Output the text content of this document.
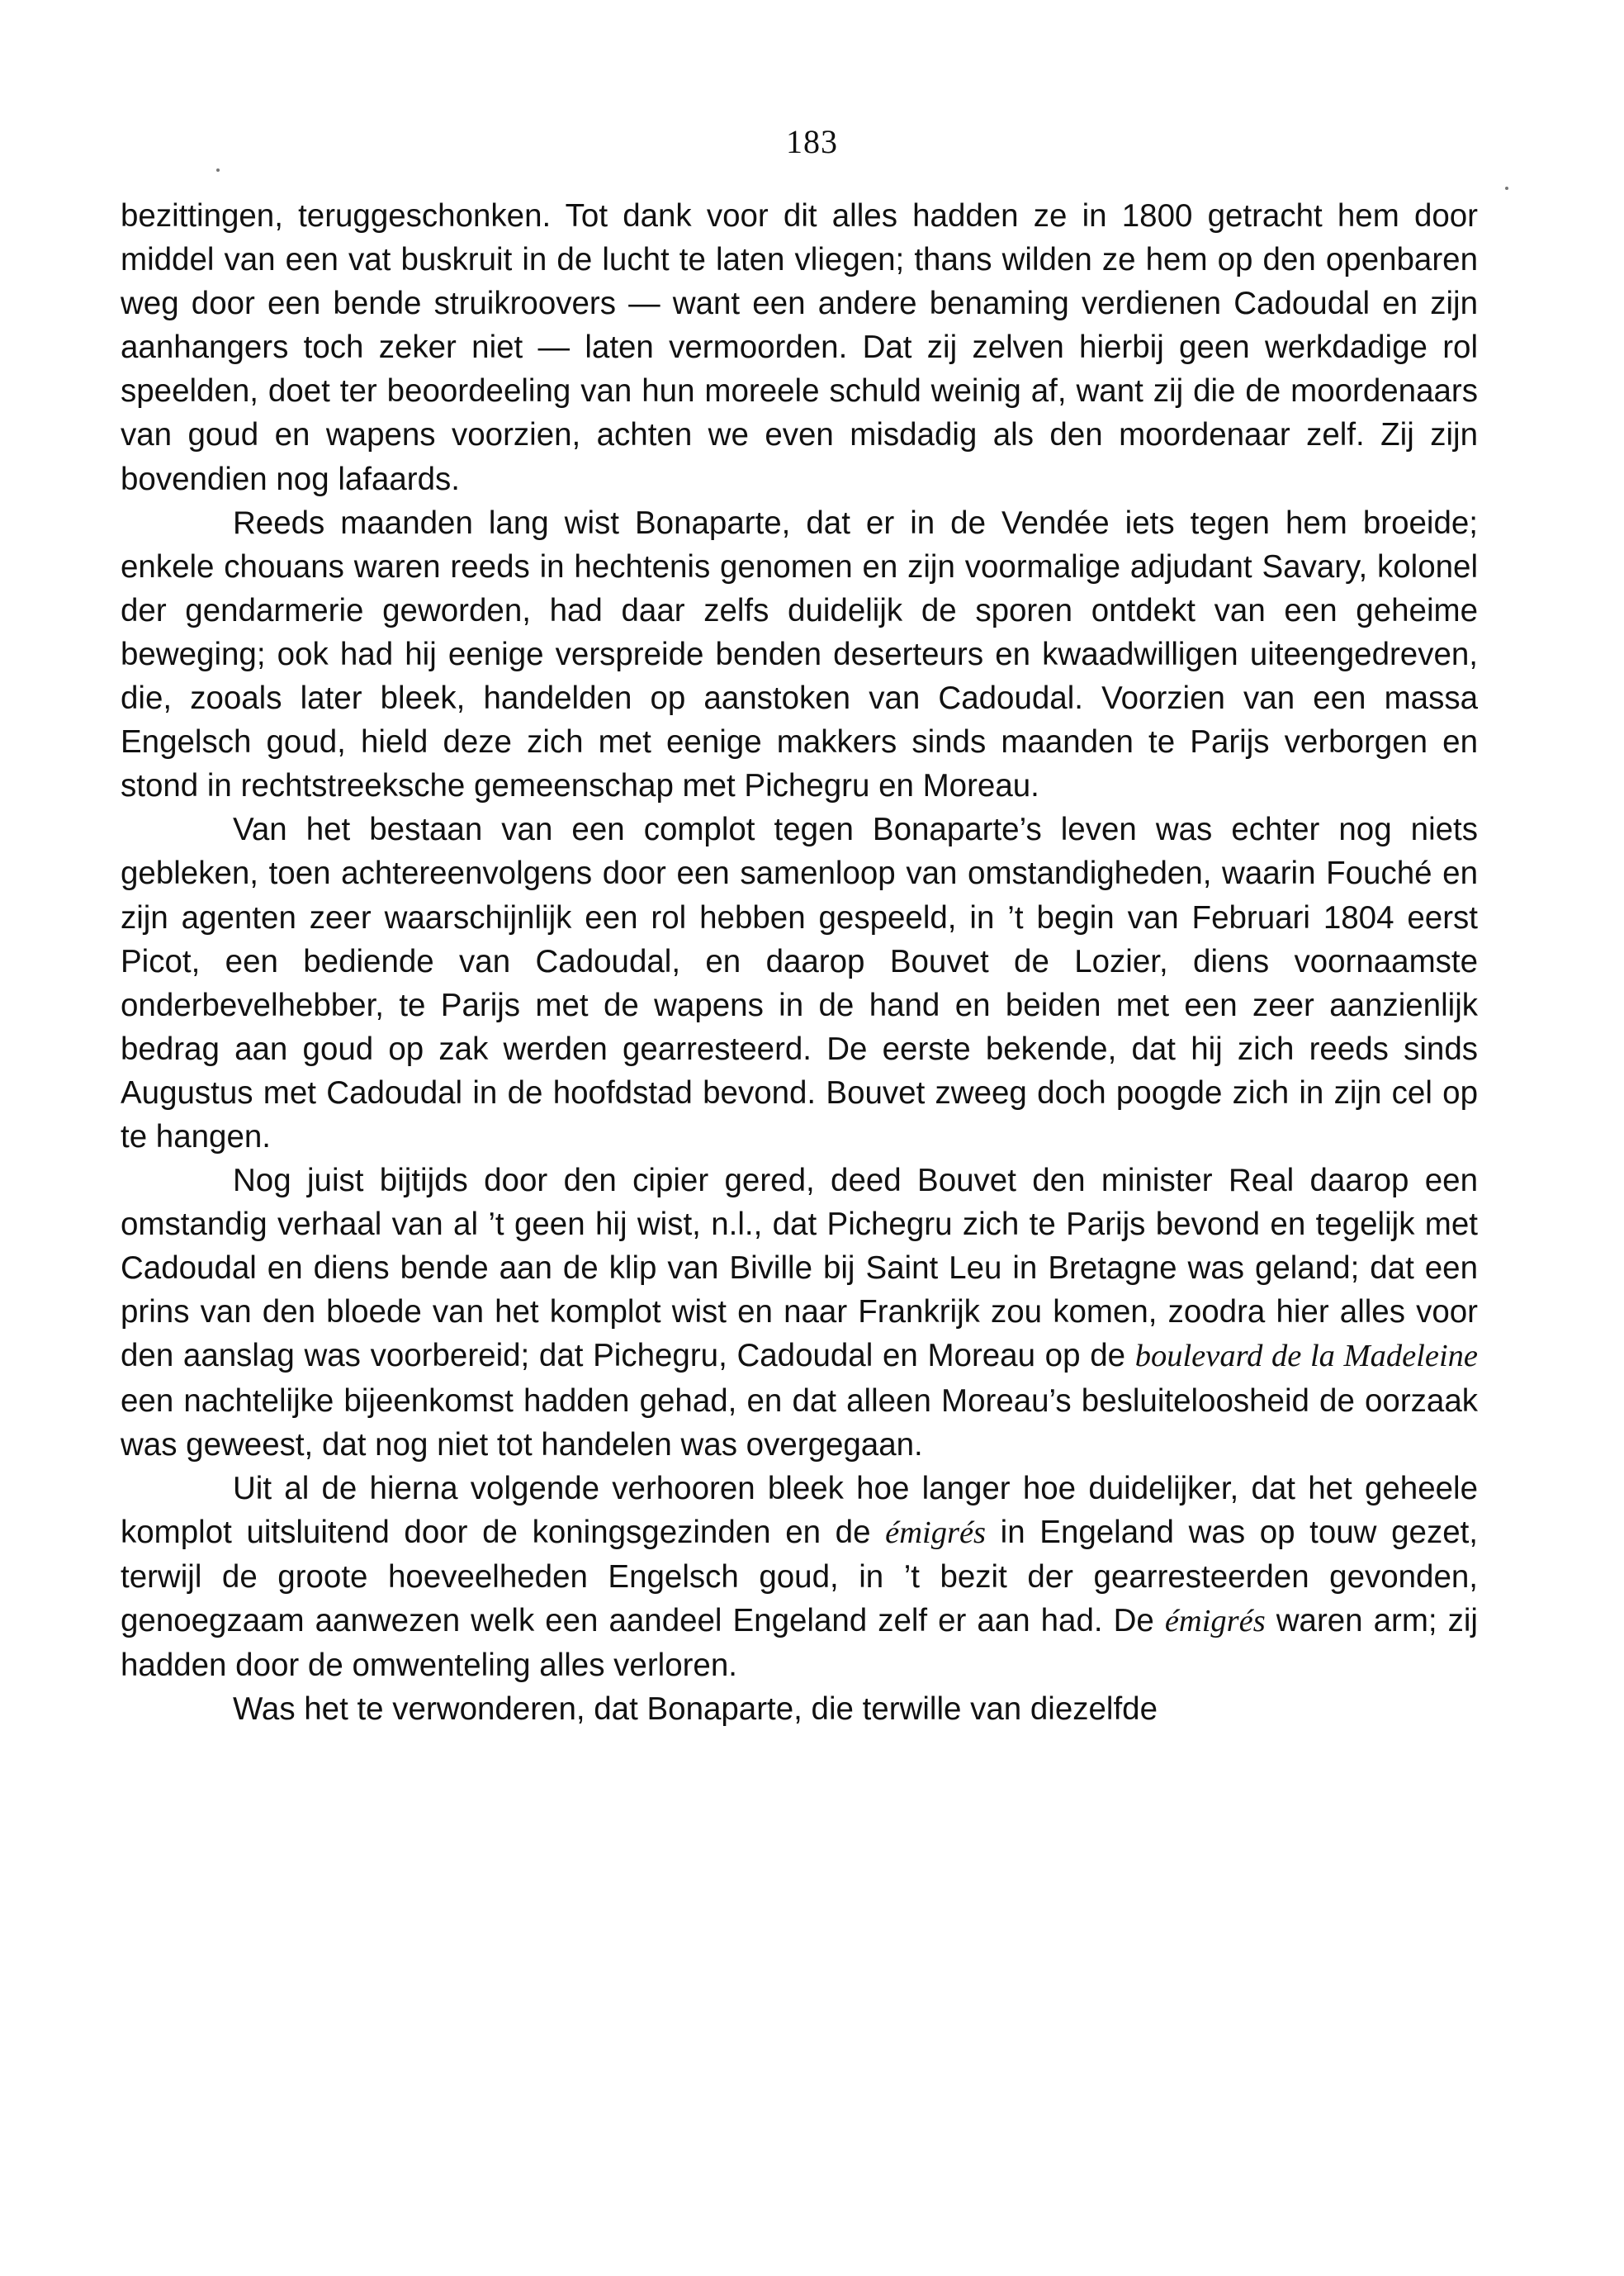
183

bezittingen, teruggeschonken. Tot dank voor dit alles hadden ze in 1800 getracht hem door middel van een vat buskruit in de lucht te laten vliegen; thans wilden ze hem op den openbaren weg door een bende struikroovers — want een andere benaming verdienen Cadoudal en zijn aanhangers toch zeker niet — laten vermoorden. Dat zij zelven hierbij geen werkdadige rol speelden, doet ter beoordeeling van hun moreele schuld weinig af, want zij die de moordenaars van goud en wapens voorzien, achten we even misdadig als den moordenaar zelf. Zij zijn bovendien nog lafaards.

Reeds maanden lang wist Bonaparte, dat er in de Vendée iets tegen hem broeide; enkele chouans waren reeds in hechtenis genomen en zijn voormalige adjudant Savary, kolonel der gendarmerie geworden, had daar zelfs duidelijk de sporen ontdekt van een geheime beweging; ook had hij eenige verspreide benden deserteurs en kwaadwilligen uiteengedreven, die, zooals later bleek, handelden op aanstoken van Cadoudal. Voorzien van een massa Engelsch goud, hield deze zich met eenige makkers sinds maanden te Parijs verborgen en stond in rechtstreeksche gemeenschap met Pichegru en Moreau.

Van het bestaan van een complot tegen Bonaparte’s leven was echter nog niets gebleken, toen achtereenvolgens door een samenloop van omstandigheden, waarin Fouché en zijn agenten zeer waarschijnlijk een rol hebben gespeeld, in ’t begin van Februari 1804 eerst Picot, een bediende van Cadoudal, en daarop Bouvet de Lozier, diens voornaamste onderbevelhebber, te Parijs met de wapens in de hand en beiden met een zeer aanzienlijk bedrag aan goud op zak werden gearresteerd. De eerste bekende, dat hij zich reeds sinds Augustus met Cadoudal in de hoofdstad bevond. Bouvet zweeg doch poogde zich in zijn cel op te hangen.

Nog juist bijtijds door den cipier gered, deed Bouvet den minister Real daarop een omstandig verhaal van al ’t geen hij wist, n.l., dat Pichegru zich te Parijs bevond en tegelijk met Cadoudal en diens bende aan de klip van Biville bij Saint Leu in Bretagne was geland; dat een prins van den bloede van het komplot wist en naar Frankrijk zou komen, zoodra hier alles voor den aanslag was voorbereid; dat Pichegru, Cadoudal en Moreau op de boulevard de la Madeleine een nachtelijke bijeenkomst hadden gehad, en dat alleen Moreau’s besluiteloosheid de oorzaak was geweest, dat nog niet tot handelen was overgegaan.

Uit al de hierna volgende verhooren bleek hoe langer hoe duidelijker, dat het geheele komplot uitsluitend door de koningsgezinden en de émigrés in Engeland was op touw gezet, terwijl de groote hoeveelheden Engelsch goud, in ’t bezit der gearresteerden gevonden, genoegzaam aanwezen welk een aandeel Engeland zelf er aan had. De émigrés waren arm; zij hadden door de omwenteling alles verloren.

Was het te verwonderen, dat Bonaparte, die terwille van diezelfde
